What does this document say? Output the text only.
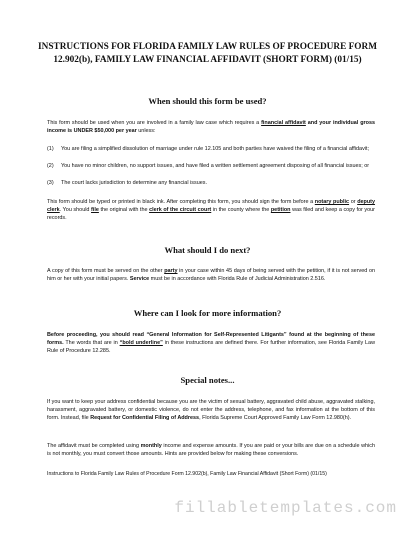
INSTRUCTIONS FOR FLORIDA FAMILY LAW RULES OF PROCEDURE FORM
12.902(b), FAMILY LAW FINANCIAL AFFIDAVIT (SHORT FORM) (01/15)
When should this form be used?

This form should be used when you are involved in a family law case which requires a financial affidavit and your individual gross income is UNDER $50,000 per year unless:

(1)	You are filing a simplified dissolution of marriage under rule 12.105 and both parties have waived the filing of a financial affidavit;
(2)	You have no minor children, no support issues, and have filed a written settlement agreement disposing of all financial issues; or
(3)	The court lacks jurisdiction to determine any financial issues.

This form should be typed or printed in black ink. After completing this form, you should sign the form before a notary public or deputy clerk. You should file the original with the clerk of the circuit court in the county where the petition was filed and keep a copy for your records.

What should I do next?

A copy of this form must be served on the other party in your case within 45 days of being served with the petition, if it is not served on him or her with your initial papers. Service must be in accordance with Florida Rule of Judicial Administration 2.516.

Where can I look for more information?

Before proceeding, you should read “General Information for Self-Represented Litigants” found at the beginning of these forms. The words that are in “bold underline” in these instructions are defined there. For further information, see Florida Family Law Rule of Procedure 12.285.

Special notes...

If you want to keep your address confidential because you are the victim of sexual battery, aggravated child abuse, aggravated stalking, harassment, aggravated battery, or domestic violence, do not enter the address, telephone, and fax information at the bottom of this form. Instead, file Request for Confidential Filing of Address, Florida Supreme Court Approved Family Law Form 12.980(h).

The affidavit must be completed using monthly income and expense amounts. If you are paid or your bills are due on a schedule which is not monthly, you must convert those amounts. Hints are provided below for making these conversions.

Instructions to Florida Family Law Rules of Procedure Form 12.902(b), Family Law Financial Affidavit (Short Form) (01/15)

fillabletemplates.com
